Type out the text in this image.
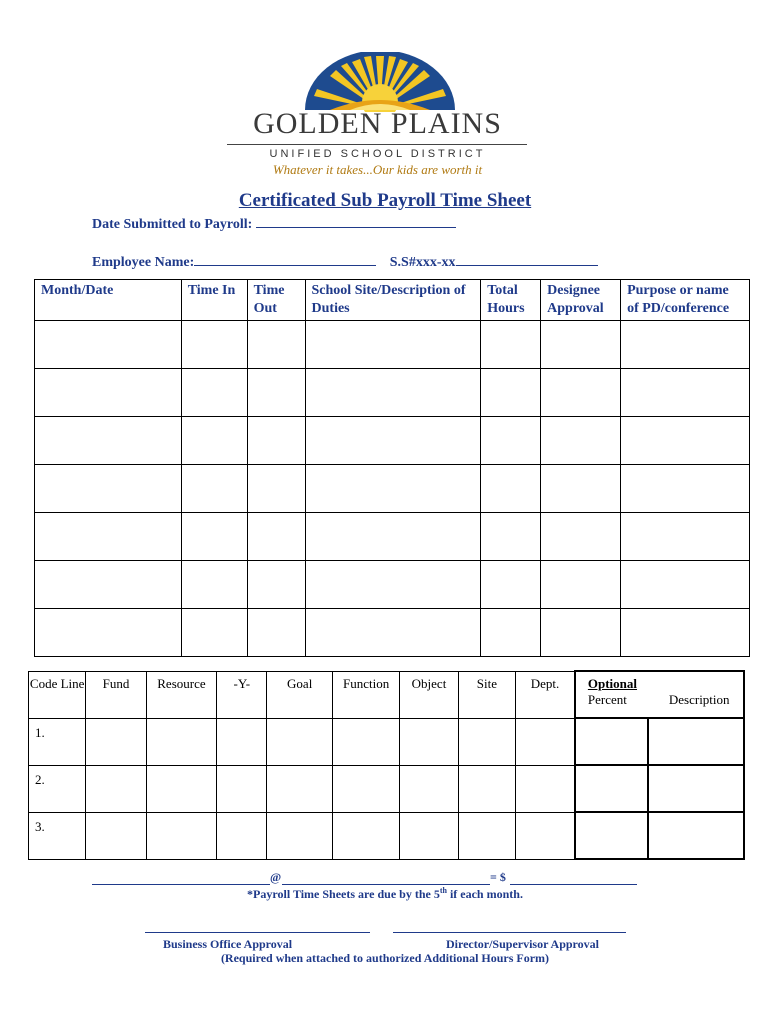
GOLDEN PLAINS
UNIFIED SCHOOL DISTRICT
Whatever it takes...Our kids are worth it
Certificated Sub Payroll Time Sheet
Date Submitted to Payroll:
Employee Name:	S.S#xxx-xx
Month/Date	Time In	Time Out	School Site/Description of Duties	Total Hours	Designee Approval	Purpose or name of PD/conference

Code Line	Fund	Resource	-Y-	Goal	Function	Object	Site	Dept.	Optional
Percent Description	

1.										
2.										
3.										
@	= $
*Payroll Time Sheets are due by the 5th if each month.
Business Office Approval	Director/Supervisor Approval
(Required when attached to authorized Additional Hours Form)
